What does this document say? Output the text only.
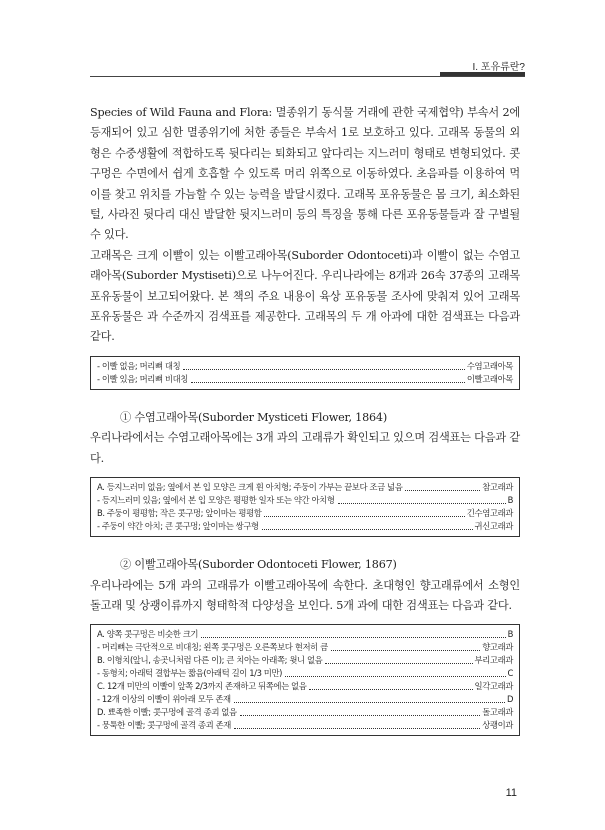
I. 포유류란?

Species of Wild Fauna and Flora: 멸종위기 동식물 거래에 관한 국제협약) 부속서 2에 등재되어 있고 심한 멸종위기에 처한 종들은 부속서 1로 보호하고 있다. 고래목 동물의 외형은 수중생활에 적합하도록 뒷다리는 퇴화되고 앞다리는 지느러미 형태로 변형되었다. 콧구멍은 수면에서 쉽게 호흡할 수 있도록 머리 위쪽으로 이동하였다. 초음파를 이용하여 먹이를 찾고 위치를 가늠할 수 있는 능력을 발달시켰다. 고래목 포유동물은 몸 크기, 최소화된 털, 사라진 뒷다리 대신 발달한 뒷지느러미 등의 특징을 통해 다른 포유동물들과 잘 구별될 수 있다.

고래목은 크게 이빨이 있는 이빨고래아목(Suborder Odontoceti)과 이빨이 없는 수염고래아목(Suborder Mystiseti)으로 나누어진다. 우리나라에는 8개과 26속 37종의 고래목 포유동물이 보고되어왔다. 본 책의 주요 내용이 육상 포유동물 조사에 맞춰져 있어 고래목 포유동물은 과 수준까지 검색표를 제공한다. 고래목의 두 개 아과에 대한 검색표는 다음과 같다.

- 이빨 없음; 머리뼈 대칭	수염고래아목
- 이빨 있음; 머리뼈 비대칭	이빨고래아목

① 수염고래아목(Suborder Mysticeti Flower, 1864)

우리나라에서는 수염고래아목에는 3개 과의 고래류가 확인되고 있으며 검색표는 다음과 같다.

A. 등지느러미 없음; 옆에서 본 입 모양은 크게 휜 아치형; 주둥이 가부는 끝보다 조금 넓음	참고래과
- 등지느러미 있음; 옆에서 본 입 모양은 평평한 일자 또는 약간 아치형	B
B. 주둥이 평평함; 작은 콧구멍; 앞이마는 평평함	긴수염고래과
- 주둥이 약간 아치; 큰 콧구멍; 앞이마는 쌍구형	귀신고래과

② 이빨고래아목(Suborder Odontoceti Flower, 1867)

우리나라에는 5개 과의 고래류가 이빨고래아목에 속한다. 초대형인 향고래류에서 소형인 돌고래 및 상괭이류까지 형태학적 다양성을 보인다. 5개 과에 대한 검색표는 다음과 같다.

A. 양쪽 콧구멍은 비슷한 크기	B
- 머리뼈는 극단적으로 비대칭; 왼쪽 콧구멍은 오른쪽보다 현저히 큼	향고래과
B. 이형치(앞니, 송곳니처럼 다른 이); 큰 치아는 아래쪽; 윗니 없음	부리고래과
- 동형치; 아래턱 결합부는 짧음(아래턱 길이 1/3 미만)	C
C. 12개 미만의 이빨이 앞쪽 2/3까지 존재하고 뒤쪽에는 없음	일각고래과
- 12개 이상의 이빨이 위아래 모두 존재	D
D. 뾰족한 이빨; 콧구멍에 골격 종괴 없음	돌고래과
- 뭉툭한 이빨; 콧구멍에 골격 종괴 존재	상괭이과
11
